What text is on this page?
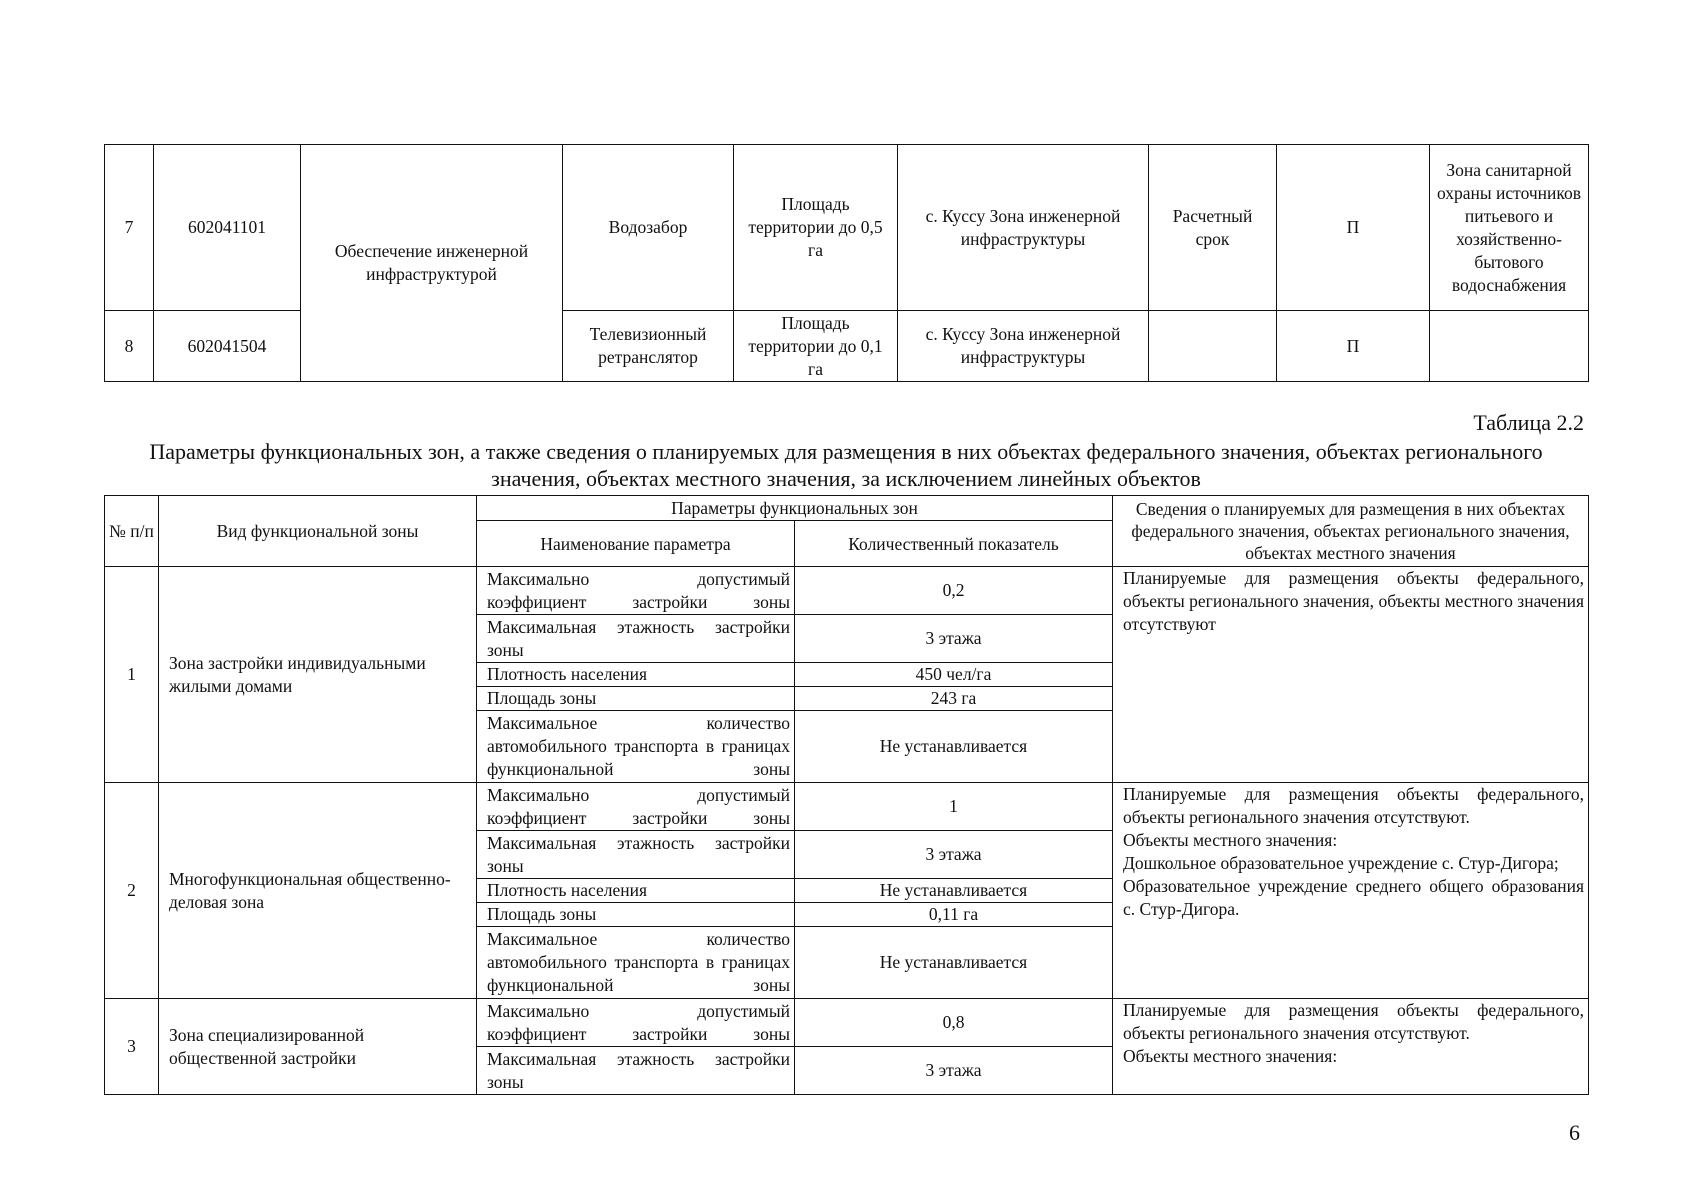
7	602041101	Обеспечение инженерной инфраструктурой	Водозабор	Площадь территории до 0,5 га	с. Куссу Зона инженерной инфраструктуры	Расчетный срок	П	Зона санитарной охраны источников питьевого и хозяйственно-бытового водоснабжения
8	602041504		Телевизионный ретранслятор	Площадь территории до 0,1 га	с. Куссу Зона инженерной инфраструктуры		П	
Таблица 2.2
Параметры функциональных зон, а также сведения о планируемых для размещения в них объектах федерального значения, объектах регионального значения, объектах местного значения, за исключением линейных объектов
№ п/п	Вид функциональной зоны	Параметры функциональных зон		Сведения о планируемых для размещения в них объектах федерального значения, объектах регионального значения, объектах местного значения
		Наименование параметра	Количественный показатель	
1	Зона застройки индивидуальными жилыми домами	Максимально допустимый коэффициент застройки зоны	0,2	Планируемые для размещения объекты федерального, объекты регионального значения, объекты местного значения отсутствуют

		Максимальная этажность застройки зоны	3 этажа	
		Плотность населения	450 чел/га	
		Площадь зоны	243 га	
		Максимальное количество автомобильного транспорта в границах функциональной зоны	Не устанавливается	
2	Многофункциональная общественно-деловая зона	Максимально допустимый коэффициент застройки зоны	1	Планируемые для размещения объекты федерального, объекты регионального значения отсутствуют.
Объекты местного значения:
Дошкольное образовательное учреждение с. Стур-Дигора;
Образовательное учреждение среднего общего образования с. Стур-Дигора.

		Максимальная этажность застройки зоны	3 этажа	
		Плотность населения	Не устанавливается	
		Площадь зоны	0,11 га	
		Максимальное количество автомобильного транспорта в границах функциональной зоны	Не устанавливается	
3	Зона специализированной общественной застройки	Максимально допустимый коэффициент застройки зоны	0,8	Планируемые для размещения объекты федерального, объекты регионального значения отсутствуют.
Объекты местного значения:

		Максимальная этажность застройки зоны	3 этажа	
6
